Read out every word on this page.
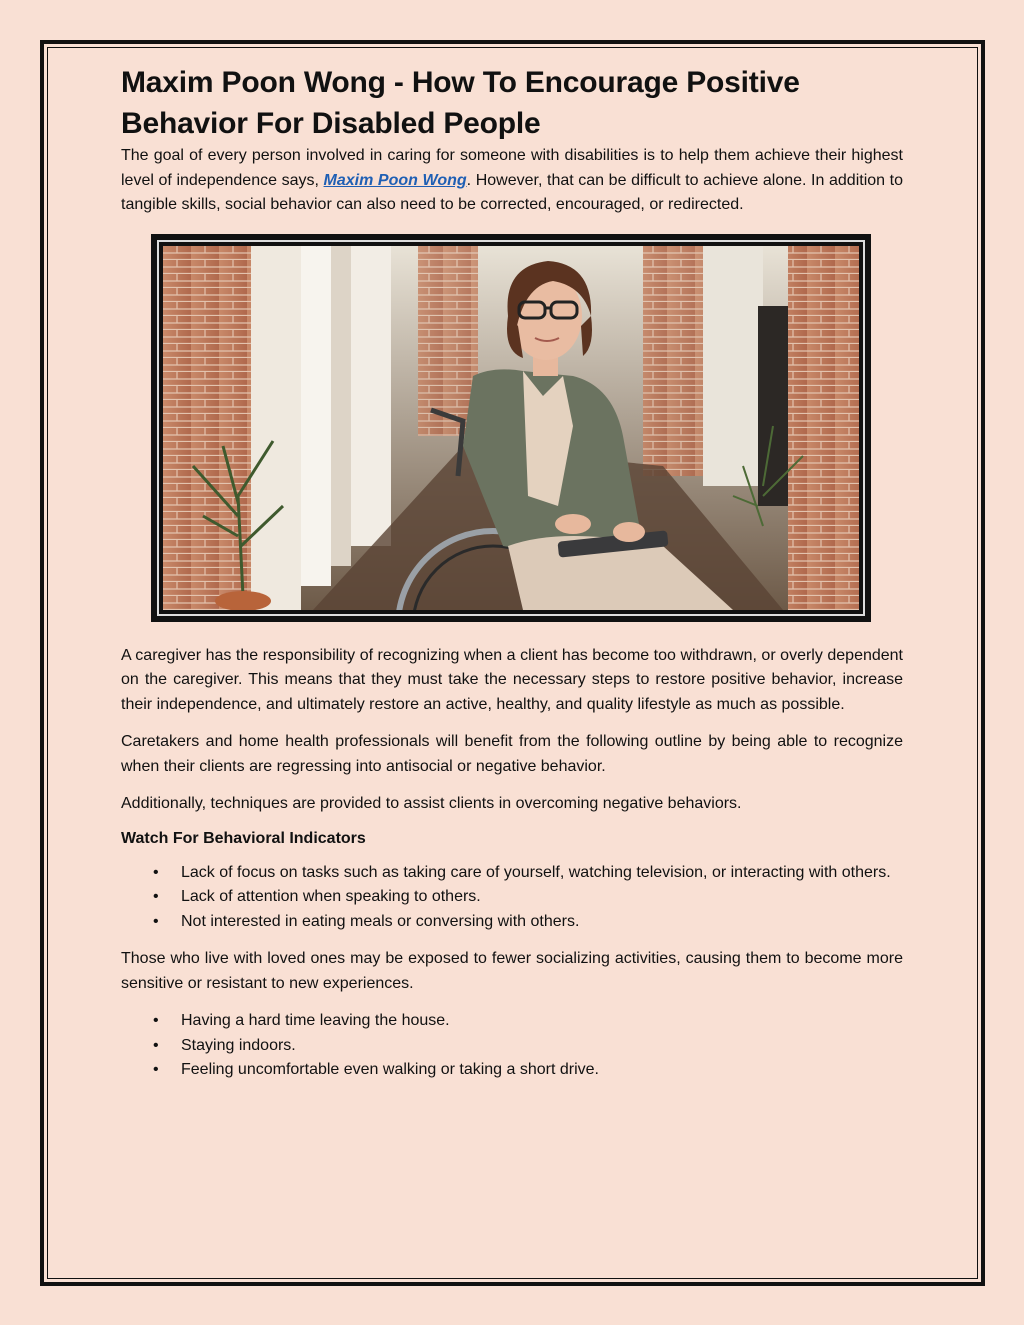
Maxim Poon Wong - How To Encourage Positive Behavior For Disabled People

The goal of every person involved in caring for someone with disabilities is to help them achieve their highest level of independence says, Maxim Poon Wong. However, that can be difficult to achieve alone. In addition to tangible skills, social behavior can also need to be corrected, encouraged, or redirected.

A caregiver has the responsibility of recognizing when a client has become too withdrawn, or overly dependent on the caregiver. This means that they must take the necessary steps to restore positive behavior, increase their independence, and ultimately restore an active, healthy, and quality lifestyle as much as possible.

Caretakers and home health professionals will benefit from the following outline by being able to recognize when their clients are regressing into antisocial or negative behavior.

Additionally, techniques are provided to assist clients in overcoming negative behaviors.

Watch For Behavioral Indicators
• Lack of focus on tasks such as taking care of yourself, watching television, or interacting with others.
• Lack of attention when speaking to others.
• Not interested in eating meals or conversing with others.

Those who live with loved ones may be exposed to fewer socializing activities, causing them to become more sensitive or resistant to new experiences.

• Having a hard time leaving the house.
• Staying indoors.
• Feeling uncomfortable even walking or taking a short drive.
